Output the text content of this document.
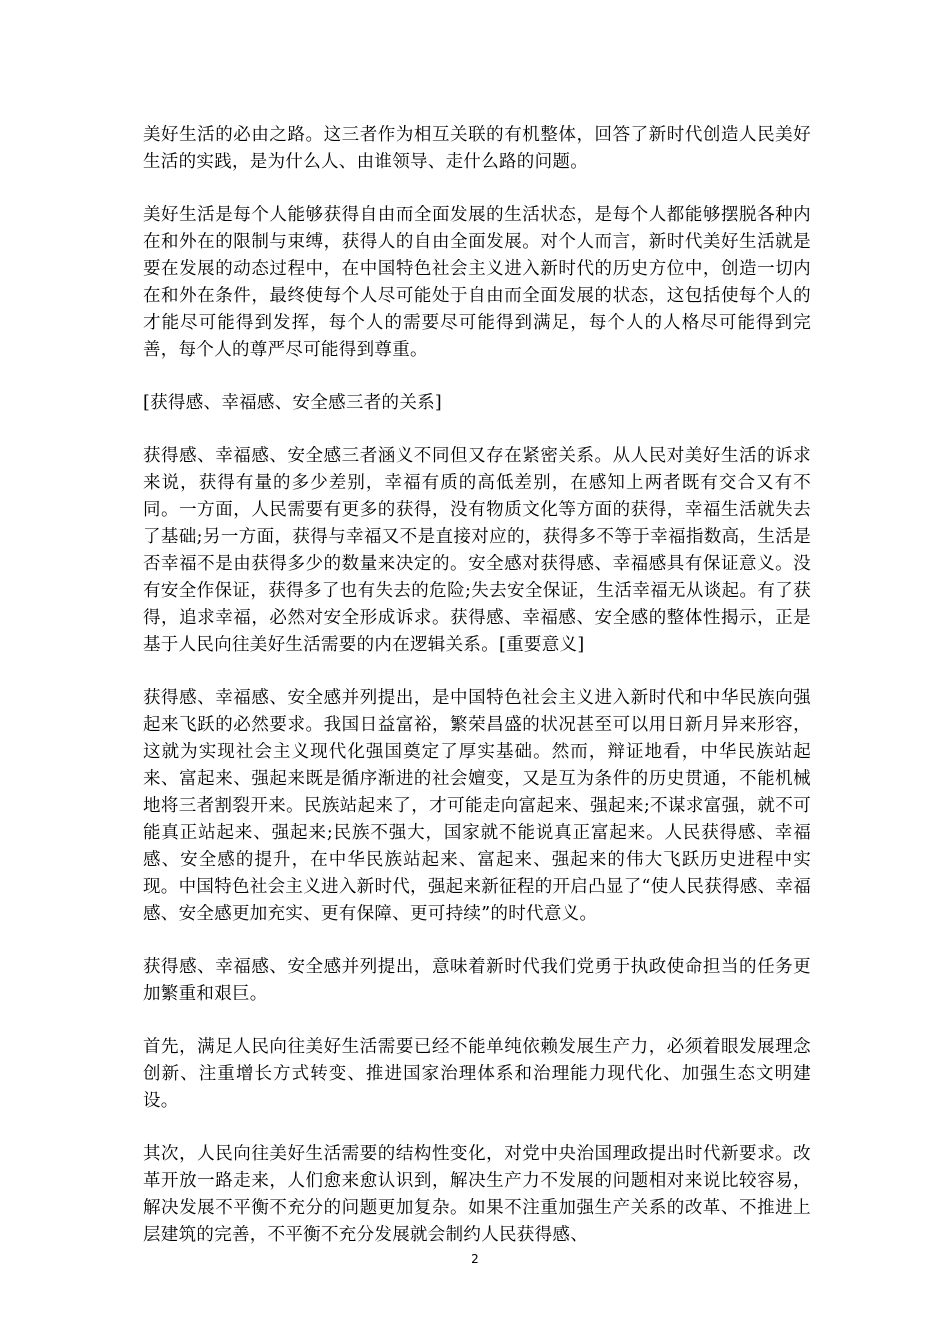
美好生活的必由之路。这三者作为相互关联的有机整体，回答了新时代创造人民美好生活的实践，是为什么人、由谁领导、走什么路的问题。

美好生活是每个人能够获得自由而全面发展的生活状态，是每个人都能够摆脱各种内在和外在的限制与束缚，获得人的自由全面发展。对个人而言，新时代美好生活就是要在发展的动态过程中，在中国特色社会主义进入新时代的历史方位中，创造一切内在和外在条件，最终使每个人尽可能处于自由而全面发展的状态，这包括使每个人的才能尽可能得到发挥，每个人的需要尽可能得到满足，每个人的人格尽可能得到完善，每个人的尊严尽可能得到尊重。

[获得感、幸福感、安全感三者的关系]

获得感、幸福感、安全感三者涵义不同但又存在紧密关系。从人民对美好生活的诉求来说，获得有量的多少差别，幸福有质的高低差别，在感知上两者既有交合又有不同。一方面，人民需要有更多的获得，没有物质文化等方面的获得，幸福生活就失去了基础;另一方面，获得与幸福又不是直接对应的，获得多不等于幸福指数高，生活是否幸福不是由获得多少的数量来决定的。安全感对获得感、幸福感具有保证意义。没有安全作保证，获得多了也有失去的危险;失去安全保证，生活幸福无从谈起。有了获得，追求幸福，必然对安全形成诉求。获得感、幸福感、安全感的整体性揭示，正是基于人民向往美好生活需要的内在逻辑关系。[重要意义]

获得感、幸福感、安全感并列提出，是中国特色社会主义进入新时代和中华民族向强起来飞跃的必然要求。我国日益富裕，繁荣昌盛的状况甚至可以用日新月异来形容，这就为实现社会主义现代化强国奠定了厚实基础。然而，辩证地看，中华民族站起来、富起来、强起来既是循序渐进的社会嬗变，又是互为条件的历史贯通，不能机械地将三者割裂开来。民族站起来了，才可能走向富起来、强起来;不谋求富强，就不可能真正站起来、强起来;民族不强大，国家就不能说真正富起来。人民获得感、幸福感、安全感的提升，在中华民族站起来、富起来、强起来的伟大飞跃历史进程中实现。中国特色社会主义进入新时代，强起来新征程的开启凸显了“使人民获得感、幸福感、安全感更加充实、更有保障、更可持续”的时代意义。

获得感、幸福感、安全感并列提出，意味着新时代我们党勇于执政使命担当的任务更加繁重和艰巨。

首先，满足人民向往美好生活需要已经不能单纯依赖发展生产力，必须着眼发展理念创新、注重增长方式转变、推进国家治理体系和治理能力现代化、加强生态文明建设。

其次，人民向往美好生活需要的结构性变化，对党中央治国理政提出时代新要求。改革开放一路走来，人们愈来愈认识到，解决生产力不发展的问题相对来说比较容易，解决发展不平衡不充分的问题更加复杂。如果不注重加强生产关系的改革、不推进上层建筑的完善，不平衡不充分发展就会制约人民获得感、

2
